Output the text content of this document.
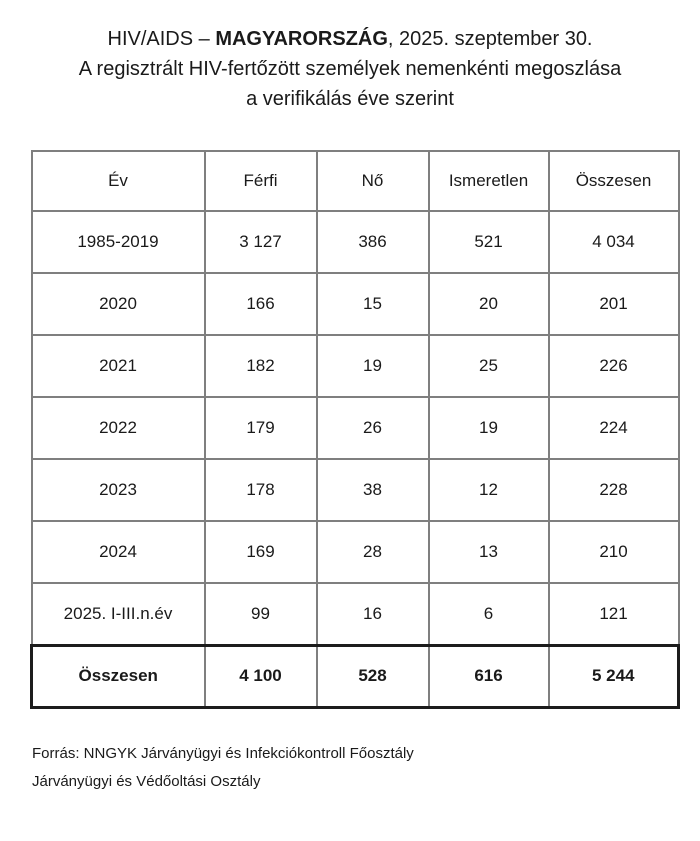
HIV/AIDS – MAGYARORSZÁG, 2025. szeptember 30.
A regisztrált HIV-fertőzött személyek nemenkénti megoszlása
a verifikálás éve szerint
Év	Férfi	Nő	Ismeretlen	Összesen
1985-2019	3 127	386	521	4 034
2020	166	15	20	201
2021	182	19	25	226
2022	179	26	19	224
2023	178	38	12	228
2024	169	28	13	210
2025. I-III.n.év	99	16	6	121
Összesen	4 100	528	616	5 244
Forrás: NNGYK Járványügyi és Infekciókontroll Főosztály
Járványügyi és Védőoltási Osztály
